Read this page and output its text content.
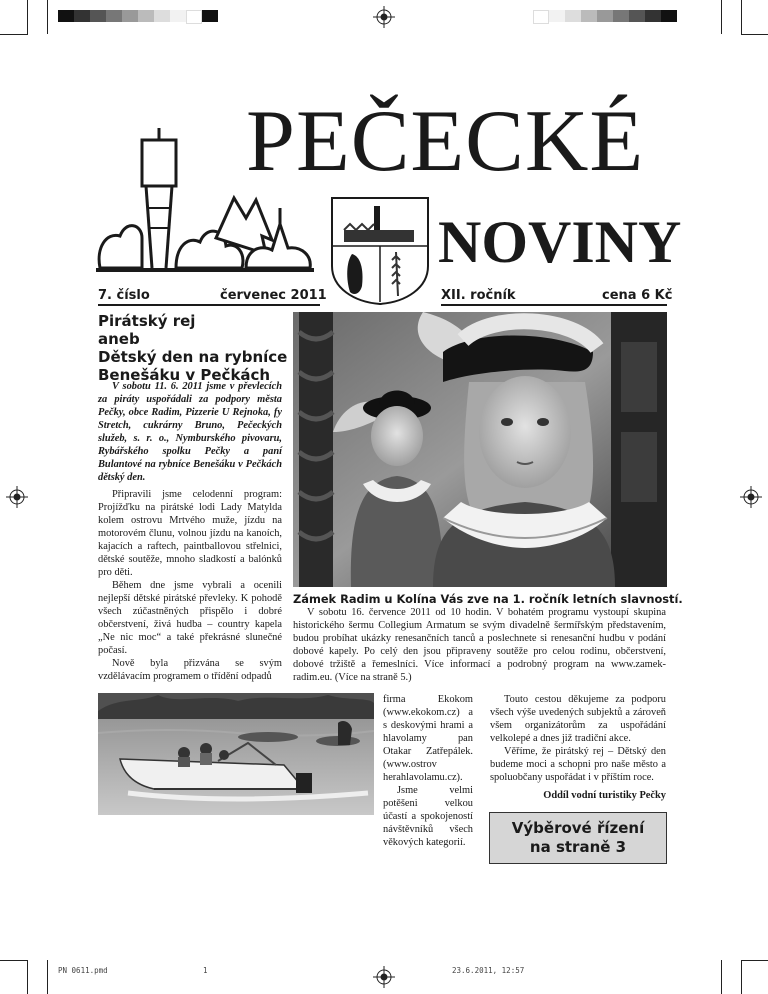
PEČECKÉ
NOVINY
7. číslo	červenec 2011	XII. ročník	cena 6 Kč
Pirátský rej
aneb
Dětský den na rybníce
Benešáku v Pečkách
V sobotu 11. 6. 2011 jsme v převlecích za piráty uspořádali za podpory města Pečky, obce Radim, Pizzerie U Rejnoka, fy Stretch, cukrárny Bruno, Pečeckých služeb, s. r. o., Nymburského pivovaru, Rybářského spolku Pečky a paní Bulantové na rybníce Benešáku v Pečkách dětský den.

Připravili jsme celodenní program: Projížďku na pirátské lodi Lady Matylda kolem ostrovu Mrtvého muže, jízdu na motorovém člunu, volnou jízdu na kanoích, kajacích a raftech, paintballovou střelnici, dětské soutěže, mnoho sladkostí a balónků pro děti.

Během dne jsme vybrali a ocenili nejlepší dětské pirátské převleky. K pohodě všech zúčastněných přispělo i dobré občerstvení, živá hudba – country kapela „Ne nic moc“ a také překrásné slunečné počasí.

Nově byla přizvána se svým vzdělávacím programem o třídění odpadů

Zámek Radim u Kolína Vás zve na 1. ročník letních slavností.

V sobotu 16. července 2011 od 10 hodin. V bohatém programu vystoupí skupina historického šermu Collegium Armatum se svým divadelně šermířským představením, budou probíhat ukázky renesančních tanců a poslechnete si renesanční hudbu v podání dobové kapely. Po celý den jsou připraveny soutěže pro celou rodinu, občerstvení, dobové tržiště a řemeslníci. Více informací a podrobný program na www.zamek-radim.eu. (Více na straně 5.)

firma Ekokom (www.ekokom.cz) a s deskovými hrami a hlavolamy pan Otakar Zatřepálek. (www.ostrov herahlavolamu.cz).

Jsme velmi potěšeni velkou účastí a spokojeností návštěvníků všech věkových kategorií.

Touto cestou děkujeme za podporu všech výše uvedených subjektů a zároveň všem organizátorům za uspořádání velkolepé a dnes již tradiční akce.

Věříme, že pirátský rej – Dětský den budeme moci a schopni pro naše město a spoluobčany uspořádat i v příštím roce.

Oddíl vodní turistiky Pečky
Výběrové řízení
na straně 3
PN 0611.pmd	1	23.6.2011, 12:57
